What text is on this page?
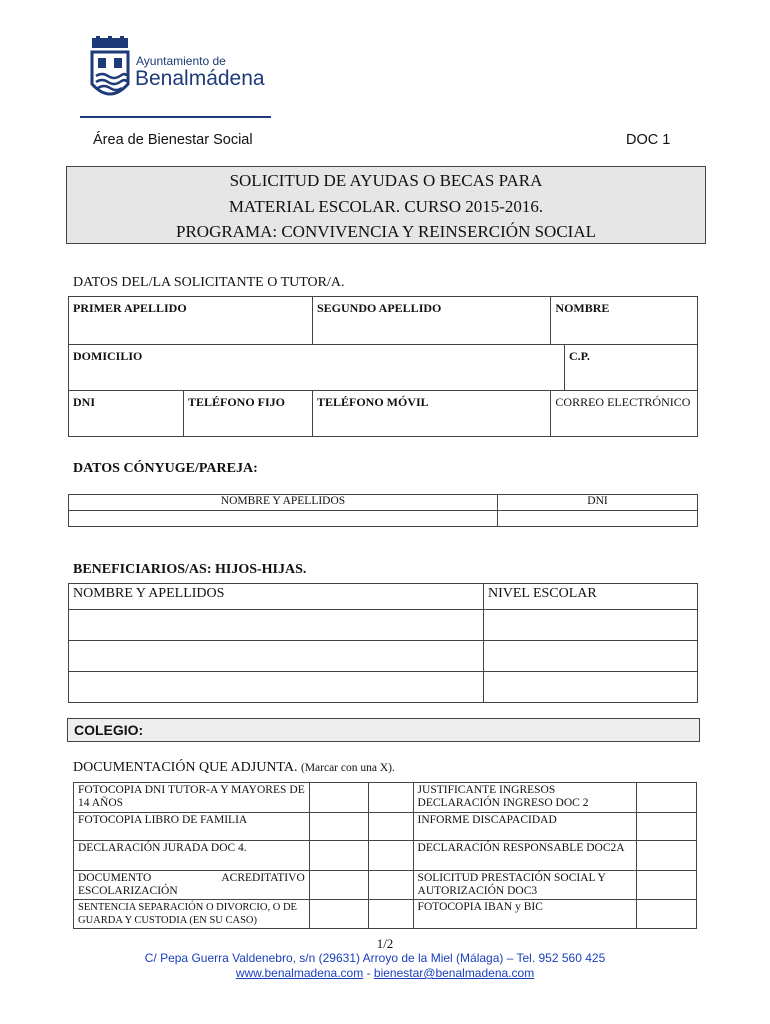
Ayuntamiento de
Benalmádena
Área de Bienestar Social	DOC 1
SOLICITUD DE AYUDAS O BECAS PARA
MATERIAL ESCOLAR. CURSO 2015-2016.
PROGRAMA: CONVIVENCIA Y REINSERCIÓN SOCIAL
DATOS DEL/LA SOLICITANTE O TUTOR/A.
PRIMER APELLIDO		SEGUNDO APELLIDO	NOMBRE	
DOMICILIO				C.P.
DNI	TELÉFONO FIJO	TELÉFONO MÓVIL	CORREO ELECTRÓNICO	
DATOS CÓNYUGE/PAREJA:
NOMBRE Y APELLIDOS	DNI

BENEFICIARIOS/AS: HIJOS-HIJAS.
NOMBRE Y APELLIDOS	NIVEL ESCOLAR

COLEGIO:
DOCUMENTACIÓN QUE ADJUNTA. (Marcar con una X).
FOTOCOPIA DNI TUTOR-A Y MAYORES DE 14 AÑOS			JUSTIFICANTE INGRESOS DECLARACIÓN INGRESO DOC 2	
FOTOCOPIA LIBRO DE FAMILIA			INFORME DISCAPACIDAD	
DECLARACIÓN JURADA DOC 4.			DECLARACIÓN RESPONSABLE DOC2A	
DOCUMENTO ACREDITATIVO ESCOLARIZACIÓN			SOLICITUD PRESTACIÓN SOCIAL Y AUTORIZACIÓN DOC3	
SENTENCIA SEPARACIÓN O DIVORCIO, O DE GUARDA Y CUSTODIA (EN SU CASO)			FOTOCOPIA IBAN y BIC	
1/2
C/ Pepa Guerra Valdenebro, s/n (29631) Arroyo de la Miel (Málaga) – Tel. 952 560 425
www.benalmadena.com - bienestar@benalmadena.com
